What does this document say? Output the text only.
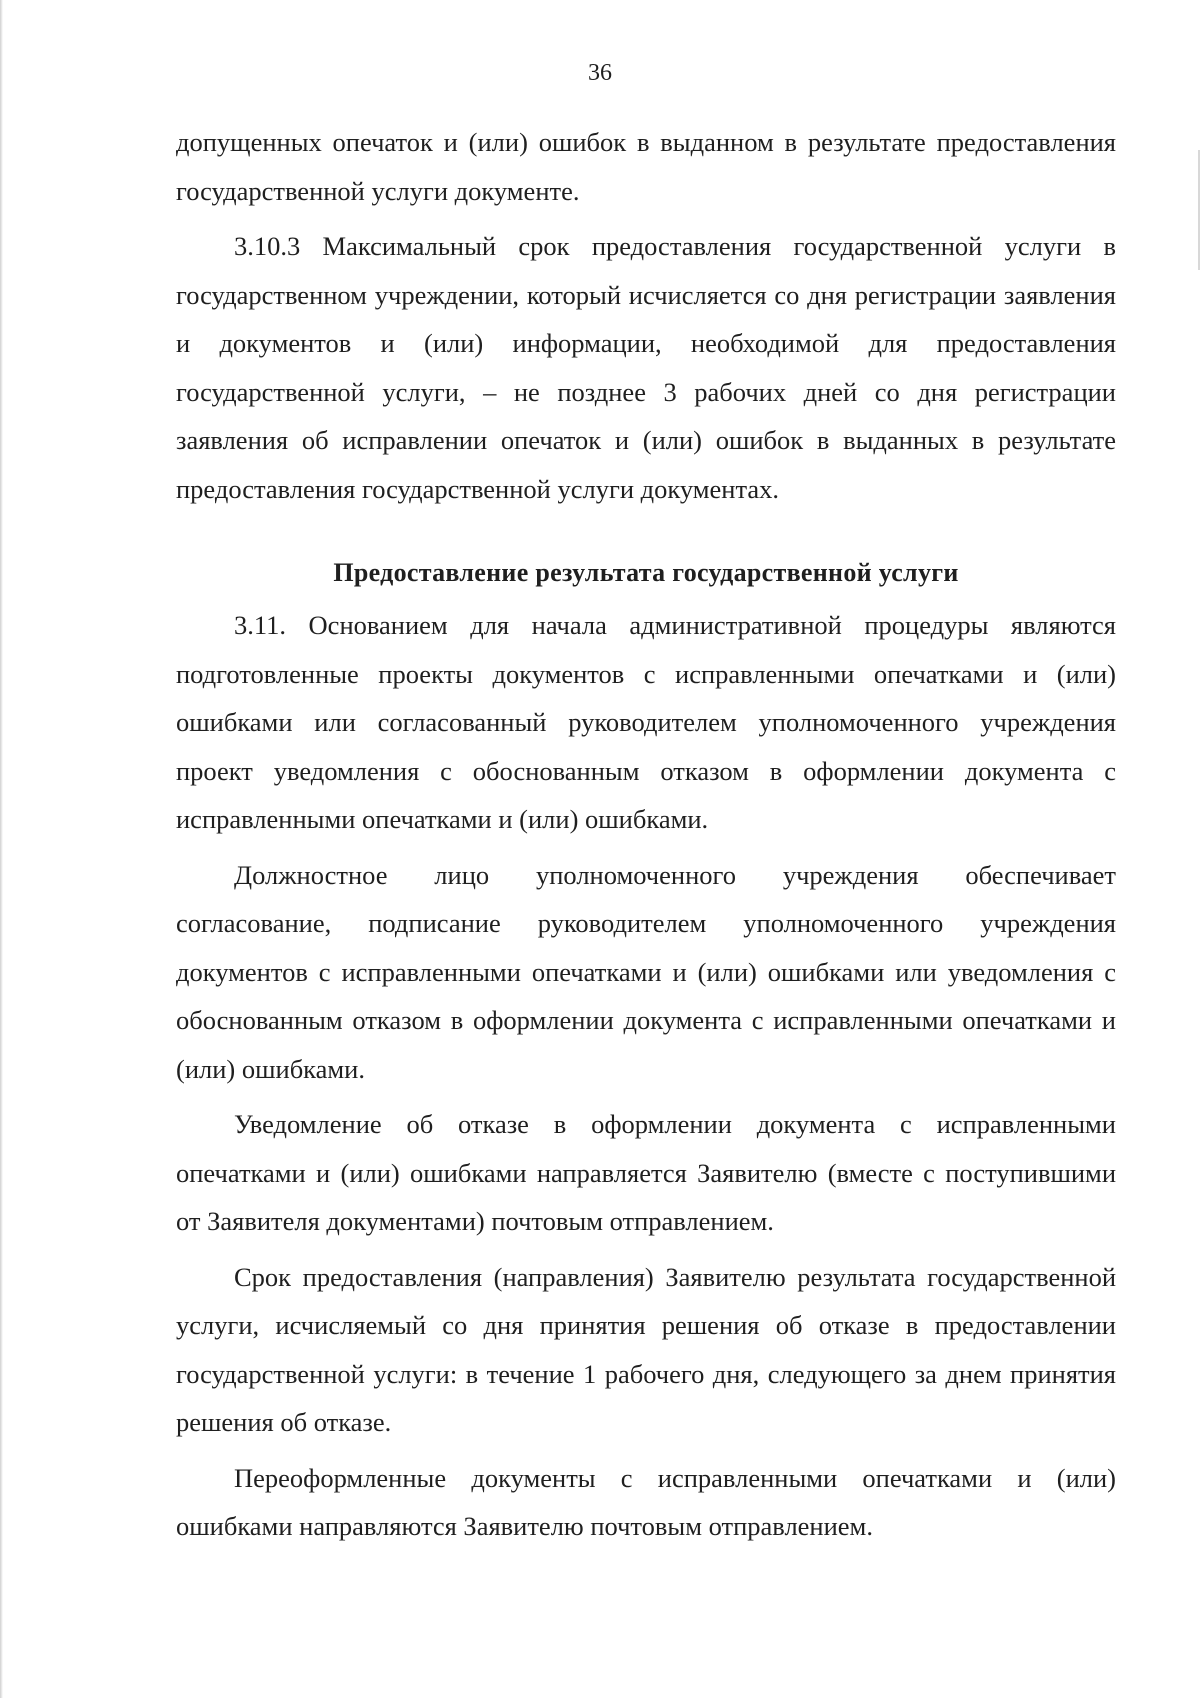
36

допущенных опечаток и (или) ошибок в выданном в результате предоставления государственной услуги документе.

3.10.3 Максимальный срок предоставления государственной услуги в государственном учреждении, который исчисляется со дня регистрации заявления и документов и (или) информации, необходимой для предоставления государственной услуги, – не позднее 3 рабочих дней со дня регистрации заявления об исправлении опечаток и (или) ошибок в выданных в результате предоставления государственной услуги документах.

Предоставление результата государственной услуги

3.11. Основанием для начала административной процедуры являются подготовленные проекты документов с исправленными опечатками и (или) ошибками или согласованный руководителем уполномоченного учреждения проект уведомления с обоснованным отказом в оформлении документа с исправленными опечатками и (или) ошибками.

Должностное лицо уполномоченного учреждения обеспечивает согласование, подписание руководителем уполномоченного учреждения документов с исправленными опечатками и (или) ошибками или уведомления с обоснованным отказом в оформлении документа с исправленными опечатками и (или) ошибками.

Уведомление об отказе в оформлении документа с исправленными опечатками и (или) ошибками направляется Заявителю (вместе с поступившими от Заявителя документами) почтовым отправлением.

Срок предоставления (направления) Заявителю результата государственной услуги, исчисляемый со дня принятия решения об отказе в предоставлении государственной услуги: в течение 1 рабочего дня, следующего за днем принятия решения об отказе.

Переоформленные документы с исправленными опечатками и (или) ошибками направляются Заявителю почтовым отправлением.
